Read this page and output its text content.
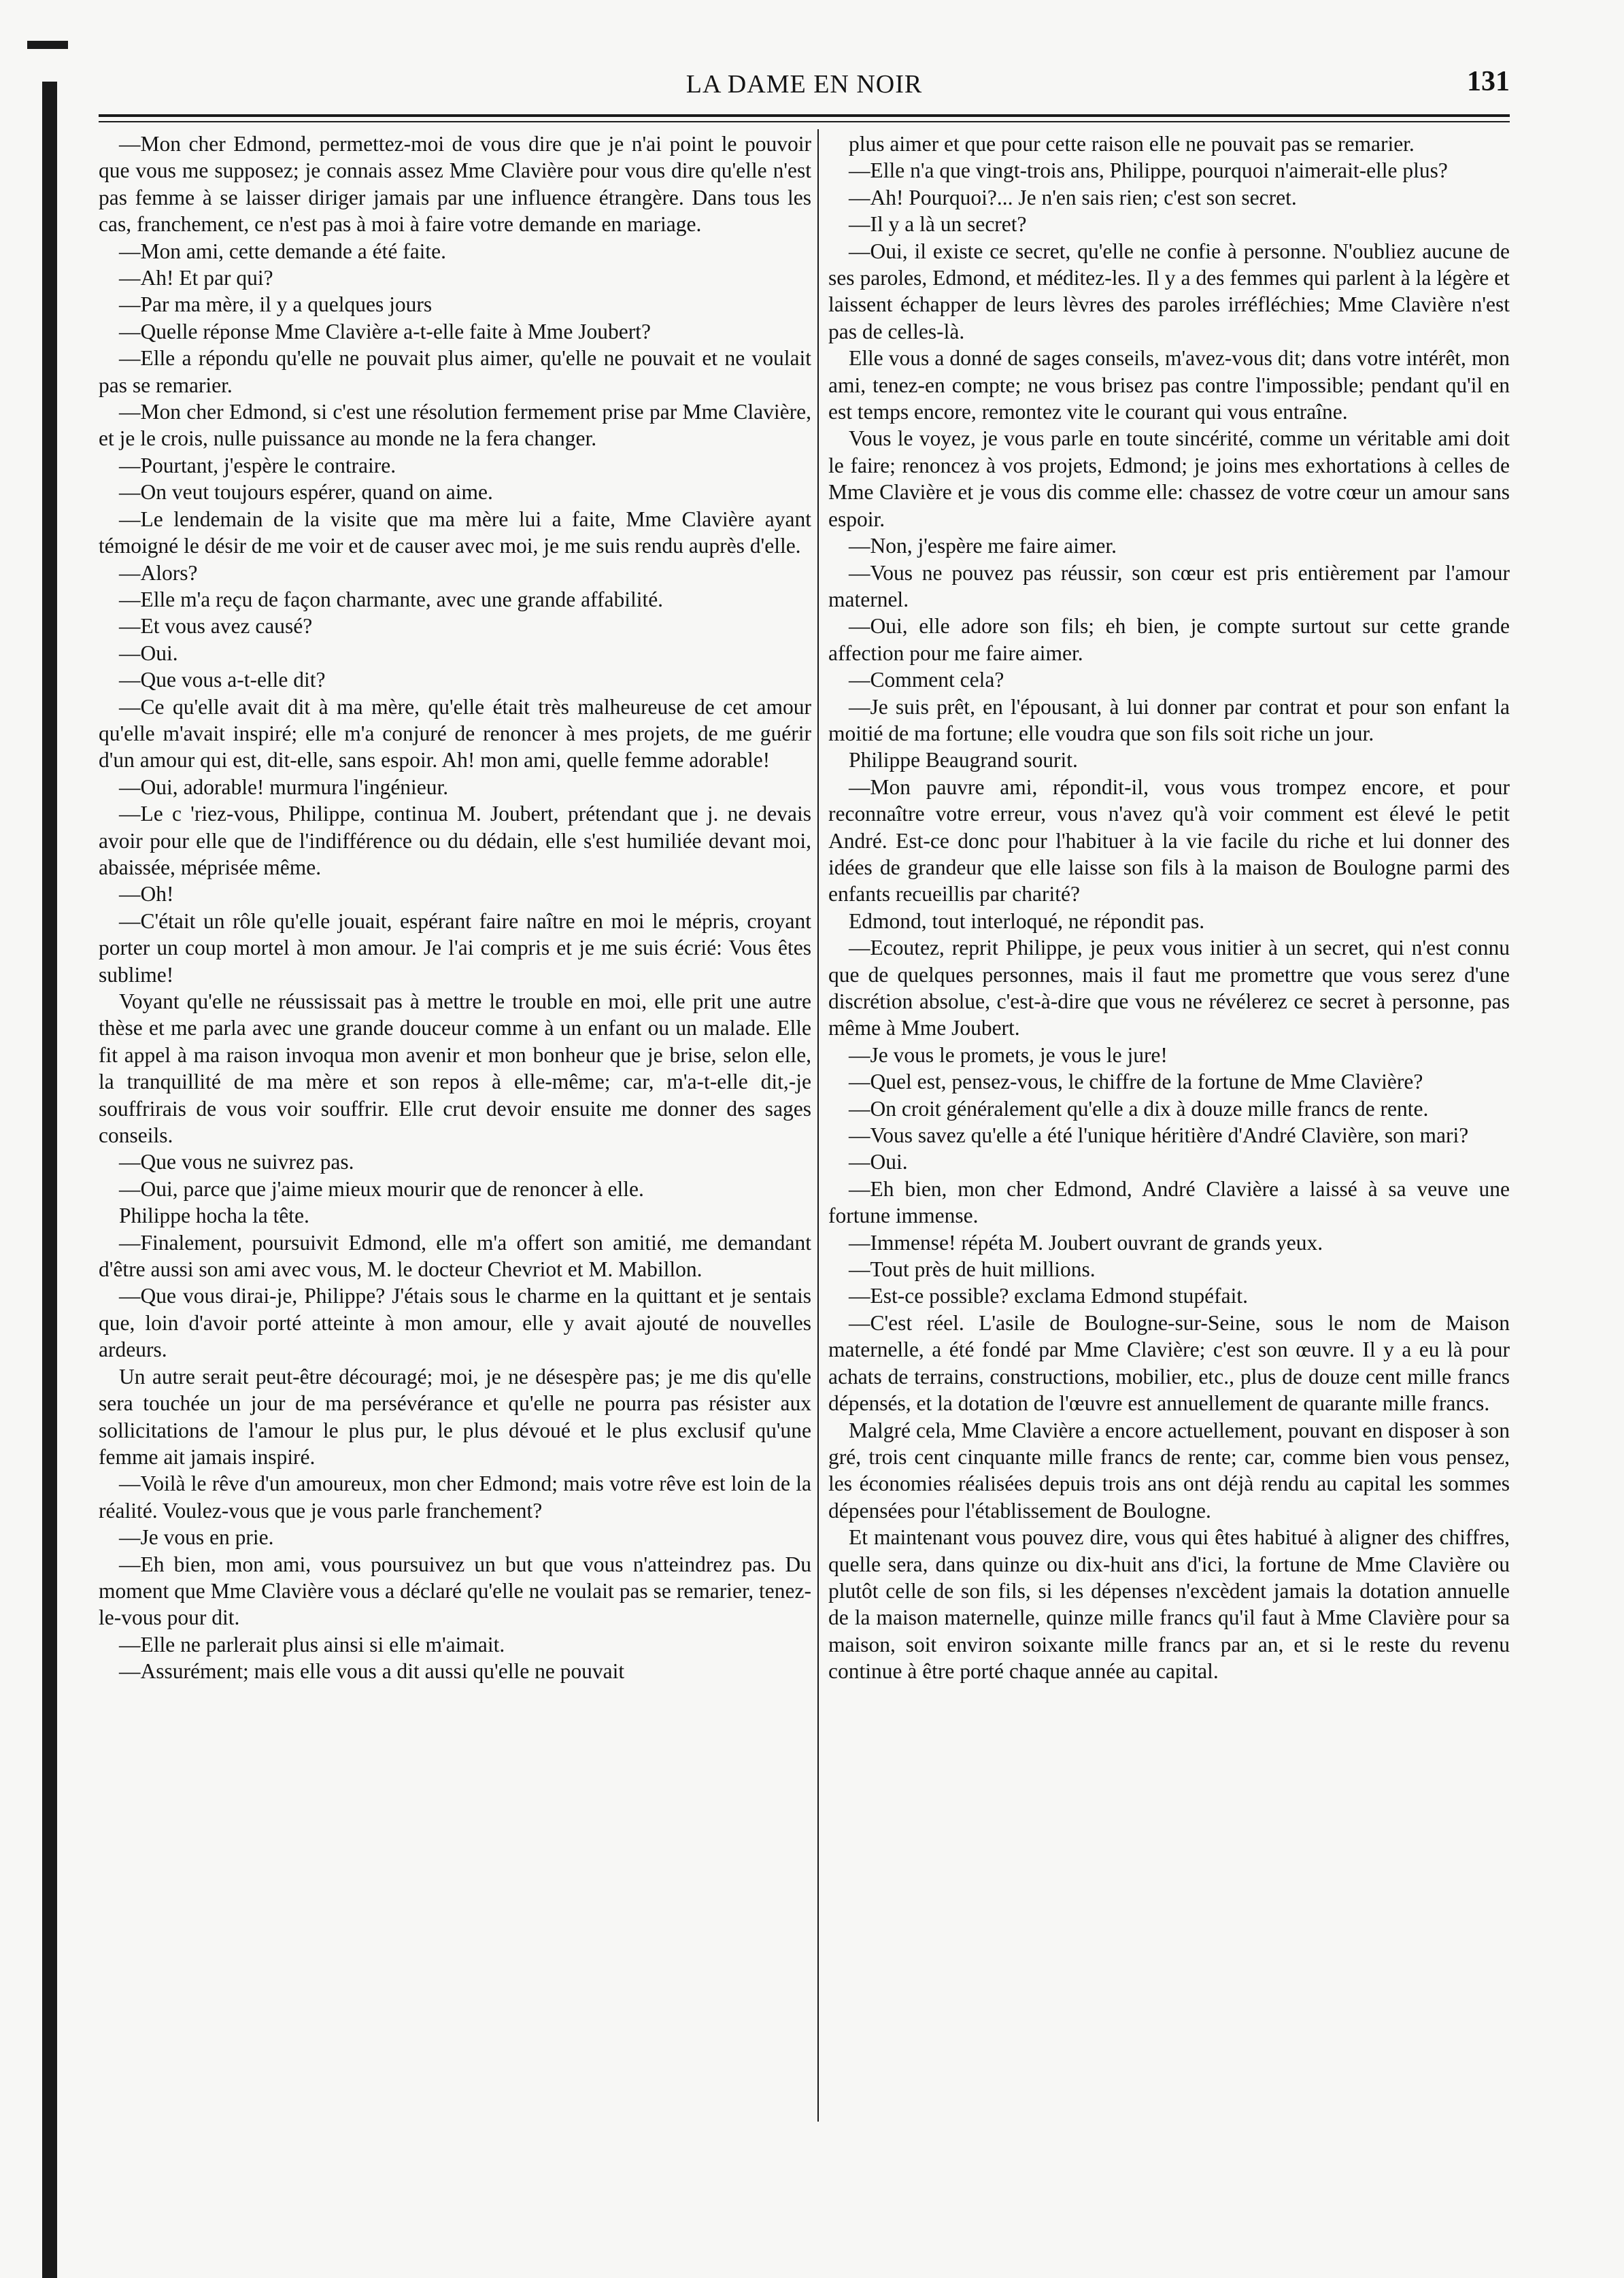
LA DAME EN NOIR	131

—Mon cher Edmond, permettez-moi de vous dire que je n'ai point le pouvoir que vous me supposez; je connais assez Mme Clavière pour vous dire qu'elle n'est pas femme à se laisser diriger jamais par une influence étrangère. Dans tous les cas, franchement, ce n'est pas à moi à faire votre demande en mariage.

—Mon ami, cette demande a été faite.

—Ah! Et par qui?

—Par ma mère, il y a quelques jours

—Quelle réponse Mme Clavière a-t-elle faite à Mme Joubert?

—Elle a répondu qu'elle ne pouvait plus aimer, qu'elle ne pouvait et ne voulait pas se remarier.

—Mon cher Edmond, si c'est une résolution fermement prise par Mme Clavière, et je le crois, nulle puissance au monde ne la fera changer.

—Pourtant, j'espère le contraire.

—On veut toujours espérer, quand on aime.

—Le lendemain de la visite que ma mère lui a faite, Mme Clavière ayant témoigné le désir de me voir et de causer avec moi, je me suis rendu auprès d'elle.

—Alors?

—Elle m'a reçu de façon charmante, avec une grande affabilité.

—Et vous avez causé?

—Oui.

—Que vous a-t-elle dit?

—Ce qu'elle avait dit à ma mère, qu'elle était très malheureuse de cet amour qu'elle m'avait inspiré; elle m'a conjuré de renoncer à mes projets, de me guérir d'un amour qui est, dit-elle, sans espoir. Ah! mon ami, quelle femme adorable!

—Oui, adorable! murmura l'ingénieur.

—Le c 'riez-vous, Philippe, continua M. Joubert, prétendant que j. ne devais avoir pour elle que de l'indifférence ou du dédain, elle s'est humiliée devant moi, abaissée, méprisée même.

—Oh!

—C'était un rôle qu'elle jouait, espérant faire naître en moi le mépris, croyant porter un coup mortel à mon amour. Je l'ai compris et je me suis écrié: Vous êtes sublime!

Voyant qu'elle ne réussissait pas à mettre le trouble en moi, elle prit une autre thèse et me parla avec une grande douceur comme à un enfant ou un malade. Elle fit appel à ma raison invoqua mon avenir et mon bonheur que je brise, selon elle, la tranquillité de ma mère et son repos à elle-même; car, m'a-t-elle dit,-je souffrirais de vous voir souffrir. Elle crut devoir ensuite me donner des sages conseils.

—Que vous ne suivrez pas.

—Oui, parce que j'aime mieux mourir que de renoncer à elle.

Philippe hocha la tête.

—Finalement, poursuivit Edmond, elle m'a offert son amitié, me demandant d'être aussi son ami avec vous, M. le docteur Chevriot et M. Mabillon.

—Que vous dirai-je, Philippe? J'étais sous le charme en la quittant et je sentais que, loin d'avoir porté atteinte à mon amour, elle y avait ajouté de nouvelles ardeurs.

Un autre serait peut-être découragé; moi, je ne désespère pas; je me dis qu'elle sera touchée un jour de ma persévérance et qu'elle ne pourra pas résister aux sollicitations de l'amour le plus pur, le plus dévoué et le plus exclusif qu'une femme ait jamais inspiré.

—Voilà le rêve d'un amoureux, mon cher Edmond; mais votre rêve est loin de la réalité. Voulez-vous que je vous parle franchement?

—Je vous en prie.

—Eh bien, mon ami, vous poursuivez un but que vous n'atteindrez pas. Du moment que Mme Clavière vous a déclaré qu'elle ne voulait pas se remarier, tenez-le-vous pour dit.

—Elle ne parlerait plus ainsi si elle m'aimait.

—Assurément; mais elle vous a dit aussi qu'elle ne pouvait

plus aimer et que pour cette raison elle ne pouvait pas se remarier.

—Elle n'a que vingt-trois ans, Philippe, pourquoi n'aimerait-elle plus?

—Ah! Pourquoi?... Je n'en sais rien; c'est son secret.

—Il y a là un secret?

—Oui, il existe ce secret, qu'elle ne confie à personne. N'oubliez aucune de ses paroles, Edmond, et méditez-les. Il y a des femmes qui parlent à la légère et laissent échapper de leurs lèvres des paroles irréfléchies; Mme Clavière n'est pas de celles-là.

Elle vous a donné de sages conseils, m'avez-vous dit; dans votre intérêt, mon ami, tenez-en compte; ne vous brisez pas contre l'impossible; pendant qu'il en est temps encore, remontez vite le courant qui vous entraîne.

Vous le voyez, je vous parle en toute sincérité, comme un véritable ami doit le faire; renoncez à vos projets, Edmond; je joins mes exhortations à celles de Mme Clavière et je vous dis comme elle: chassez de votre cœur un amour sans espoir.

—Non, j'espère me faire aimer.

—Vous ne pouvez pas réussir, son cœur est pris entièrement par l'amour maternel.

—Oui, elle adore son fils; eh bien, je compte surtout sur cette grande affection pour me faire aimer.

—Comment cela?

—Je suis prêt, en l'épousant, à lui donner par contrat et pour son enfant la moitié de ma fortune; elle voudra que son fils soit riche un jour.

Philippe Beaugrand sourit.

—Mon pauvre ami, répondit-il, vous vous trompez encore, et pour reconnaître votre erreur, vous n'avez qu'à voir comment est élevé le petit André. Est-ce donc pour l'habituer à la vie facile du riche et lui donner des idées de grandeur que elle laisse son fils à la maison de Boulogne parmi des enfants recueillis par charité?

Edmond, tout interloqué, ne répondit pas.

—Ecoutez, reprit Philippe, je peux vous initier à un secret, qui n'est connu que de quelques personnes, mais il faut me promettre que vous serez d'une discrétion absolue, c'est-à-dire que vous ne révélerez ce secret à personne, pas même à Mme Joubert.

—Je vous le promets, je vous le jure!

—Quel est, pensez-vous, le chiffre de la fortune de Mme Clavière?

—On croit généralement qu'elle a dix à douze mille francs de rente.

—Vous savez qu'elle a été l'unique héritière d'André Clavière, son mari?

—Oui.

—Eh bien, mon cher Edmond, André Clavière a laissé à sa veuve une fortune immense.

—Immense! répéta M. Joubert ouvrant de grands yeux.

—Tout près de huit millions.

—Est-ce possible? exclama Edmond stupéfait.

—C'est réel. L'asile de Boulogne-sur-Seine, sous le nom de Maison maternelle, a été fondé par Mme Clavière; c'est son œuvre. Il y a eu là pour achats de terrains, constructions, mobilier, etc., plus de douze cent mille francs dépensés, et la dotation de l'œuvre est annuellement de quarante mille francs.

Malgré cela, Mme Clavière a encore actuellement, pouvant en disposer à son gré, trois cent cinquante mille francs de rente; car, comme bien vous pensez, les économies réalisées depuis trois ans ont déjà rendu au capital les sommes dépensées pour l'établissement de Boulogne.

Et maintenant vous pouvez dire, vous qui êtes habitué à aligner des chiffres, quelle sera, dans quinze ou dix-huit ans d'ici, la fortune de Mme Clavière ou plutôt celle de son fils, si les dépenses n'excèdent jamais la dotation annuelle de la maison maternelle, quinze mille francs qu'il faut à Mme Clavière pour sa maison, soit environ soixante mille francs par an, et si le reste du revenu continue à être porté chaque année au capital.
